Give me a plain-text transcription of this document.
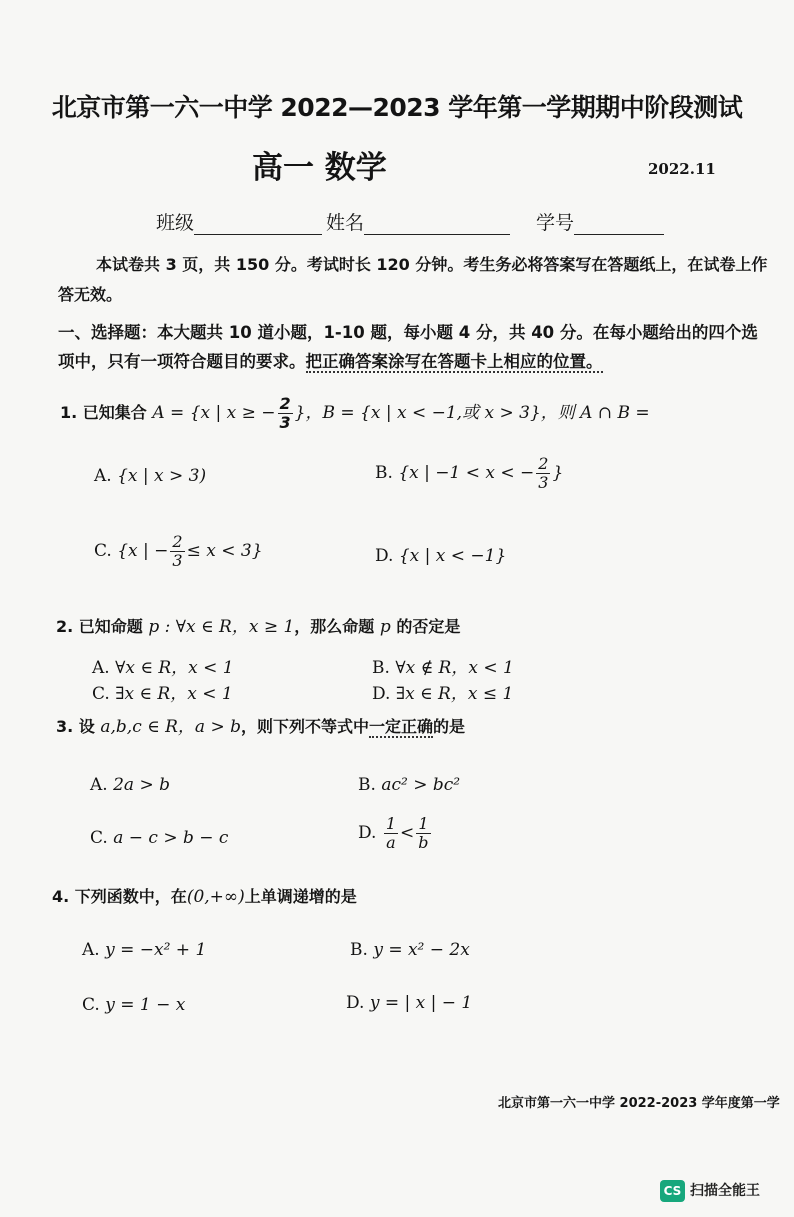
北京市第一六一中学 2022—2023 学年第一学期期中阶段测试
高一 数学	2022.11
班级	姓名	学号
本试卷共 3 页，共 150 分。考试时长 120 分钟。考生务必将答案写在答题纸上，在试卷上作答无效。
一、选择题：本大题共 10 道小题，1-10 题，每小题 4 分，共 40 分。在每小题给出的四个选项中，只有一项符合题目的要求。把正确答案涂写在答题卡上相应的位置。
1. 已知集合 A = {x | x ≥ − $\frac{2}{3}$ }，B = {x | x < −1,或 x > 3}，则 A ∩ B =
A. {x | x > 3)	B. {x | −1 < x < − $\frac{2}{3}$ }
C. {x | − $\frac{2}{3} \le x < 3$}	D. {x | x < −1}
2. 已知命题 p : ∀x ∈ R，x ≥ 1，那么命题 p 的否定是
A. ∀x ∈ R，x < 1	B. ∀x ∉ R，x < 1
C. ∃x ∈ R，x < 1	D. ∃x ∈ R，x ≤ 1
3. 设 a,b,c ∈ R，a > b，则下列不等式中一定正确的是
A. 2a > b	B. ac² > bc²
C. a − c > b − c	D. $\frac{1}{a} < \frac{1}{b}$
4. 下列函数中，在(0,+∞)上单调递增的是
A. y = −x² + 1	B. y = x² − 2x
C. y = 1 − x	D. y = | x | − 1
北京市第一六一中学 2022-2023 学年度第一学
CS 扫描全能王
